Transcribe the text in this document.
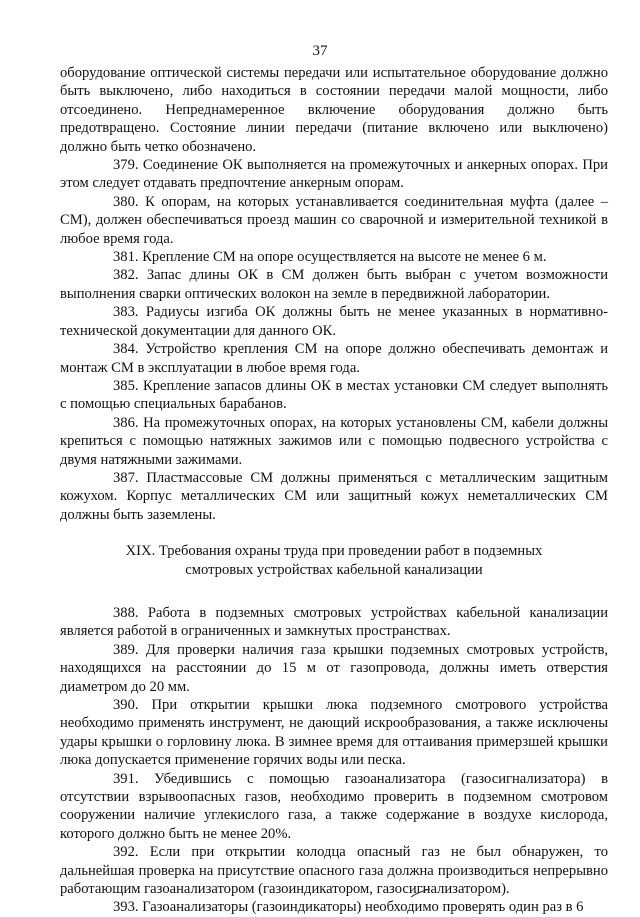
37

оборудование оптической системы передачи или испытательное оборудование должно быть выключено, либо находиться в состоянии передачи малой мощности, либо отсоединено. Непреднамеренное включение оборудования должно быть предотвращено. Состояние линии передачи (питание включено или выключено) должно быть четко обозначено.

379. Соединение ОК выполняется на промежуточных и анкерных опорах. При этом следует отдавать предпочтение анкерным опорам.

380. К опорам, на которых устанавливается соединительная муфта (далее – СМ), должен обеспечиваться проезд машин со сварочной и измерительной техникой в любое время года.

381. Крепление СМ на опоре осуществляется на высоте не менее 6 м.

382. Запас длины ОК в СМ должен быть выбран с учетом возможности выполнения сварки оптических волокон на земле в передвижной лаборатории.

383. Радиусы изгиба ОК должны быть не менее указанных в нормативно-технической документации для данного ОК.

384. Устройство крепления СМ на опоре должно обеспечивать демонтаж и монтаж СМ в эксплуатации в любое время года.

385. Крепление запасов длины ОК в местах установки СМ следует выполнять с помощью специальных барабанов.

386. На промежуточных опорах, на которых установлены СМ, кабели должны крепиться с помощью натяжных зажимов или с помощью подвесного устройства с двумя натяжными зажимами.

387. Пластмассовые СМ должны применяться с металлическим защитным кожухом. Корпус металлических СМ или защитный кожух неметаллических СМ должны быть заземлены.

XIX. Требования охраны труда при проведении работ в подземных
смотровых устройствах кабельной канализации

388. Работа в подземных смотровых устройствах кабельной канализации является работой в ограниченных и замкнутых пространствах.

389. Для проверки наличия газа крышки подземных смотровых устройств, находящихся на расстоянии до 15 м от газопровода, должны иметь отверстия диаметром до 20 мм.

390. При открытии крышки люка подземного смотрового устройства необходимо применять инструмент, не дающий искрообразования, а также исключены удары крышки о горловину люка. В зимнее время для оттаивания примерзшей крышки люка допускается применение горячих воды или песка.

391. Убедившись с помощью газоанализатора (газосигнализатора) в отсутствии взрывоопасных газов, необходимо проверить в подземном смотровом сооружении наличие углекислого газа, а также содержание в воздухе кислорода, которого должно быть не менее 20%.

392. Если при открытии колодца опасный газ не был обнаружен, то дальнейшая проверка на присутствие опасного газа должна производиться непрерывно работающим газоанализатором (газоиндикатором, газосигнализатором).

393. Газоанализаторы (газоиндикаторы) необходимо проверять один раз в 6
